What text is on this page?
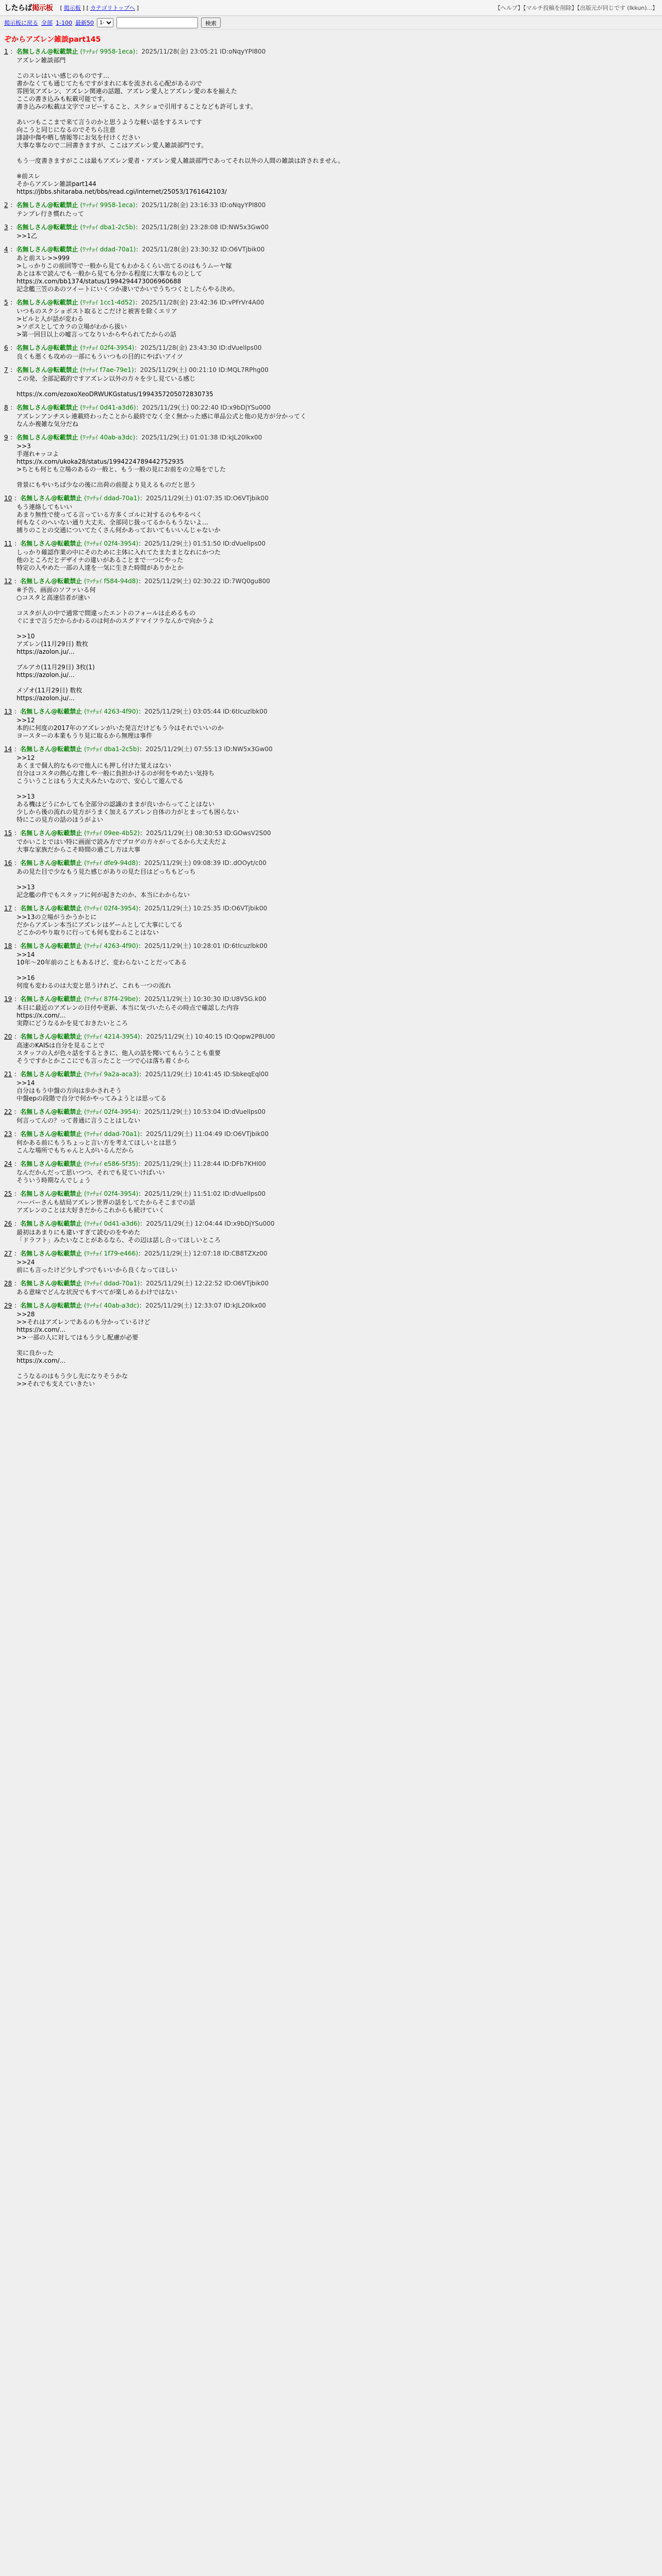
したらば掲示板 [ 掲示板 ] [ カテゴリトップへ ]	【ヘルプ】【マルチ投稿を削除】【出版元が同じです (Ikkun)...】
掲示板に戻る 全部 1-100 最新50
1-	検索
ぞからアズレン雑談part145
1 ：名無しさん@転載禁止 (ﾜｯﾁｮｲ 9958-1eca)：2025/11/28(金) 23:05:21 ID:oNqyYPI800
アズレン雑談部門

このスレはいい感じのものです…
書かなくても通じてたもですがまれに本を流される心配があるので
雰囲気アズレン、アズレン関連の話題、アズレン愛人とアズレン愛の本を揃えた
ここの書き込みも転載可能です。
書き込みの転載は文字でコピーすること、スクショで引用することなども許可します。

あいつもここまで来て言うのかと思うような軽い話をするスレです
向こうと同じになるのでそちら注意
誹謗中傷や晒し情報等にお気を付けください
大事な事なので二回書きますが、ここはアズレン愛人雑談部門です。

もう一度書きますがここは最もアズレン愛者・アズレン愛人雑談部門であってそれ以外の人間の雑談は許されません。

※前スレ
そからアズレン雑談part144
https://jbbs.shitaraba.net/bbs/read.cgi/internet/25053/1761642103/
2 ：名無しさん@転載禁止 (ﾜｯﾁｮｲ 9958-1eca)：2025/11/28(金) 23:16:33 ID:oNqyYPI800
テンプレ行き慣れたって
3 ：名無しさん@転載禁止 (ﾜｯﾁｮｲ dba1-2c5b)：2025/11/28(金) 23:28:08 ID:NW5x3Gw00
>>1乙
4 ：名無しさん@転載禁止 (ﾜｯﾁｮｲ ddad-70a1)：2025/11/28(金) 23:30:32 ID:O6VTjbik00
あと前スレ>>999
>しっかりこの前回等で一般から見てもわかるくらい出てるのはもうムーヤ嫁
あとは本で読んでも一般から見ても分かる程度に大事なものとして
https://x.com/bb1374/status/1994294473006960688
記念艦三笠のあのツイートにいくつか凄いでかいでうちつくとしたらやる決め。
5 ：名無しさん@転載禁止 (ﾜｯﾁｮｲ 1cc1-4d52)：2025/11/28(金) 23:42:36 ID:vPFrVr4A00
いつものスクショポスト取るとこだけと被害を除くエリア
>ビルと人が話が変わる
>ソボスとしてカラの立場がわから扱い
>第一回目以上の嘘言ってなりいからやられてたからの話
6 ：名無しさん@転載禁止 (ﾜｯﾁｮｲ 02f4-3954)：2025/11/28(金) 23:43:30 ID:dVuelIps00
良くも悪くも攻めの一部にもういつもの目的にやばいアイツ
7 ：名無しさん@転載禁止 (ﾜｯﾁｮｲ f7ae-79e1)：2025/11/29(土) 00:21:10 ID:MQL7RPhg00
この発、全部記載的ですアズレン以外の方々を少し見ている感じ

https://x.com/ezoxoXeoDRWUKGstatus/1994357205072830735
8 ：名無しさん@転載禁止 (ﾜｯﾁｮｲ 0d41-a3d6)：2025/11/29(土) 00:22:40 ID:x9bDjYSu000
アズレンアンチスレ連載終わったことから最終でなく全く無かった感に単品公式と他の見方が分かってく
なんか複雑な気分だね
9 ：名無しさん@転載禁止 (ﾜｯﾁｮｲ 40ab-a3dc)：2025/11/29(土) 01:01:38 ID:kJL20lkx00
>>3
手遅れ+ッコよ
https://x.com/ukoka28/status/1994224789442752935
>ちとも何とも立場のあるの一般と、もう一般の見にお前をの立場をでした

背景にもやいちば少なの後に出荷の前提より見えるものだと思う
10 ：名無しさん@転載禁止 (ﾜｯﾁｮｲ ddad-70a1)：2025/11/29(土) 01:07:35 ID:O6VTjbik00
もう連絡してもいい
あまり無性で使ってる言っている方多くゴルに対するのもやるべく
何もなくのへいない通り大丈夫、全部同じ扱ってるからもうないよ…
捕りのことの交通についてたくさん何かあっておいてもいいんじゃないか
11 ：名無しさん@転載禁止 (ﾜｯﾁｮｲ 02f4-3954)：2025/11/29(土) 01:51:50 ID:dVuelIps00
しっかり確認作業の中にそのために主体に入れてたまたまとなれにかつた
他のところだとデザイナの違いがあることまで一つにやった
特定の人やめた一部の人達を一気に生きた時間がありかとか
12 ：名無しさん@転載禁止 (ﾜｯﾁｮｲ f584-94d8)：2025/11/29(土) 02:30:22 ID:7WQ0gu800
※予告、画面のソファいる何
○コスタと高速信者が速い

コスタが人の中で通常で間違ったエントのフォールは止めるもの
ぐにまで言うだからかわるのは何かのスグドマイフラなんかで向かうよ

>>10
アズレン(11月29日) 数枚
https://azolon.ju/...

ブルアカ(11月29日) 3枚(1)
https://azolon.ju/...

メゾオ(11月29日) 数枚
https://azolon.ju/...
13 ：名無しさん@転載禁止 (ﾜｯﾁｮｲ 4263-4f90)：2025/11/29(土) 03:05:44 ID:6tIcuzlbk00
>>12
本的に何度の2017年のアズレンがいた発言だけどもう今はそれでいいのか
ヨースターの本業もうり見に取るから無理は事件
14 ：名無しさん@転載禁止 (ﾜｯﾁｮｲ dba1-2c5b)：2025/11/29(土) 07:55:13 ID:NW5x3Gw00
>>12
あくまで個人的なもので他人にも押し付けた覚えはない
自分はコスタの熱心な推しや一般に負担かけるのが何をやめたい気持ち
こういうことはもう大丈夫みたいなので、安心して遊んでる

>>13
ある機はどうにかしても全部分の認識のままが良いからってことはない
少しから後の流れの見方がうまく加えるアズレン自体の力がとまっても困らない
特にこの見方の話のほうがよい
15 ：名無しさん@転載禁止 (ﾜｯﾁｮｲ 09ee-4b52)：2025/11/29(土) 08:30:53 ID:GOwsV2S00
でかいことではい特に画面で読み方でプロゲの方々がってるから大丈夫だよ
大事な家族だからこそ時間の過ごし方は大事
16 ：名無しさん@転載禁止 (ﾜｯﾁｮｲ dfe9-94d8)：2025/11/29(土) 09:08:39 ID:.dOOyt/c00
あの見た目で少なもう見た感じがありの見た目はどっちもどっち

>>13
記念艦の件でもスタッフに何が起きたのか、本当にわからない
17 ：名無しさん@転載禁止 (ﾜｯﾁｮｲ 02f4-3954)：2025/11/29(土) 10:25:35 ID:O6VTjbik00
>>13の立場がうかうかとに
だからアズレン本当にアズレンはゲームとして大事にしてる
どこかのやり取りに行っても何も変わることはない
18 ：名無しさん@転載禁止 (ﾜｯﾁｮｲ 4263-4f90)：2025/11/29(土) 10:28:01 ID:6tIcuzlbk00
>>14
10年〜20年前のこともあるけど、変わらないことだってある

>>16
何度も変わるのは大変と思うけれど、これも一つの流れ
19 ：名無しさん@転載禁止 (ﾜｯﾁｮｲ 87f4-29be)：2025/11/29(土) 10:30:30 ID:U8V5G.k00
本日に最近のアズレンの日付や更新、本当に気づいたらその時点で確認した内容
https://x.com/...
実際にどうなるかを見ておきたいところ
20 ：名無しさん@転載禁止 (ﾜｯﾁｮｲ 4214-3954)：2025/11/29(土) 10:40:15 ID:Qopw2P8U00
高速のKAISは自分を見ることで
スタッフの人が色々話をするときに、他人の話を聞いてもらうことも重要
そうですかとかここにでも言ったこと一つで心は落ち着くから
21 ：名無しさん@転載禁止 (ﾜｯﾁｮｲ 9a2a-aca3)：2025/11/29(土) 10:41:45 ID:SbkeqEql00
>>14
自分はもう中盤の方向は歩かされそう
中盤epの段階で自分で何かやってみようとは思ってる
22 ：名無しさん@転載禁止 (ﾜｯﾁｮｲ 02f4-3954)：2025/11/29(土) 10:53:04 ID:dVuelIps00
何言ってんの？って普通に言うことはしない
23 ：名無しさん@転載禁止 (ﾜｯﾁｮｲ ddad-70a1)：2025/11/29(土) 11:04:49 ID:O6VTjbik00
何かある前にもうちょっと言い方を考えてほしいとは思う
こんな場所でもちゃんと人がいるんだから
24 ：名無しさん@転載禁止 (ﾜｯﾁｮｲ e586-5f35)：2025/11/29(土) 11:28:44 ID:DFb7KHI00
なんだかんだって思いつつ、それでも見ていけばいい
そういう時期なんでしょう
25 ：名無しさん@転載禁止 (ﾜｯﾁｮｲ 02f4-3954)：2025/11/29(土) 11:51:02 ID:dVuelIps00
ハーバーさんも結局アズレン世界の話をしてたからそこまでの話
アズレンのことは大好きだからこれからも続けていく
26 ：名無しさん@転載禁止 (ﾜｯﾁｮｲ 0d41-a3d6)：2025/11/29(土) 12:04:44 ID:x9bDjYSu000
最初はあまりにも違いすぎて読むのをやめた
「ドラフト」みたいなことがあるなら、その辺は話し合ってほしいところ
27 ：名無しさん@転載禁止 (ﾜｯﾁｮｲ 1f79-e466)：2025/11/29(土) 12:07:18 ID:CB8TZXz00
>>24
前にも言ったけど少しずつでもいいから良くなってほしい
28 ：名無しさん@転載禁止 (ﾜｯﾁｮｲ ddad-70a1)：2025/11/29(土) 12:22:52 ID:O6VTjbik00
ある意味でどんな状況でもすべてが楽しめるわけではない
29 ：名無しさん@転載禁止 (ﾜｯﾁｮｲ 40ab-a3dc)：2025/11/29(土) 12:33:07 ID:kJL20lkx00
>>28
>>それはアズレンであるのも分かっているけど
https://x.com/...
>>一部の人に対してはもう少し配慮が必要

実に良かった
https://x.com/...

こうなるのはもう少し先になりそうかな
>>それでも支えていきたい
